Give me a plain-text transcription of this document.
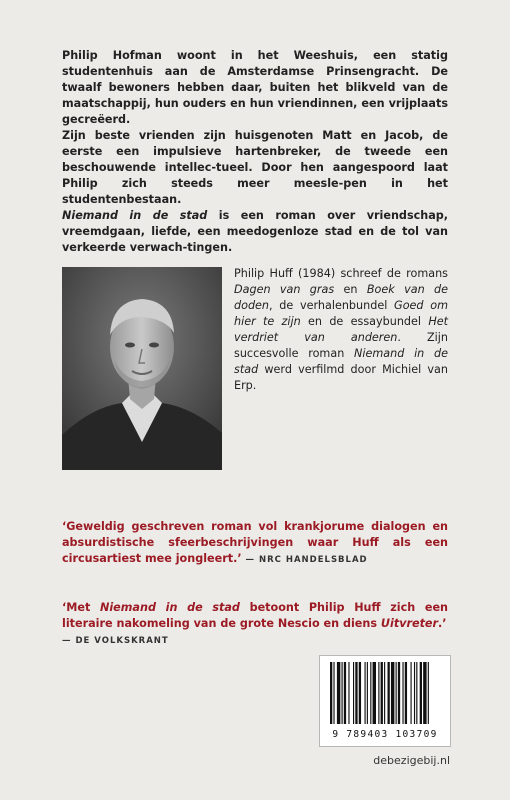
Philip Hofman woont in het Weeshuis, een statig studentenhuis aan de Amsterdamse Prinsengracht. De twaalf bewoners hebben daar, buiten het blikveld van de maatschappij, hun ouders en hun vriendinnen, een vrijplaats gecreëerd.

Zijn beste vrienden zijn huisgenoten Matt en Jacob, de eerste een impulsieve hartenbreker, de tweede een beschouwende intellec-tueel. Door hen aangespoord laat Philip zich steeds meer meesle-pen in het studentenbestaan.

Niemand in de stad is een roman over vriendschap, vreemdgaan, liefde, een meedogenloze stad en de tol van verkeerde verwach-tingen.

Philip Huff (1984) schreef de romans Dagen van gras en Boek van de doden, de verhalenbundel Goed om hier te zijn en de essaybundel Het verdriet van anderen. Zijn succesvolle roman Niemand in de stad werd verfilmd door Michiel van Erp.

‘Geweldig geschreven roman vol krankjorume dialogen en absurdistische sfeerbeschrijvingen waar Huff als een circusartiest mee jongleert.’ — NRC HANDELSBLAD

‘Met Niemand in de stad betoont Philip Huff zich een literaire nakomeling van de grote Nescio en diens Uitvreter.’

— DE VOLKSKRANT

9 789403 103709
debezigebij.nl
